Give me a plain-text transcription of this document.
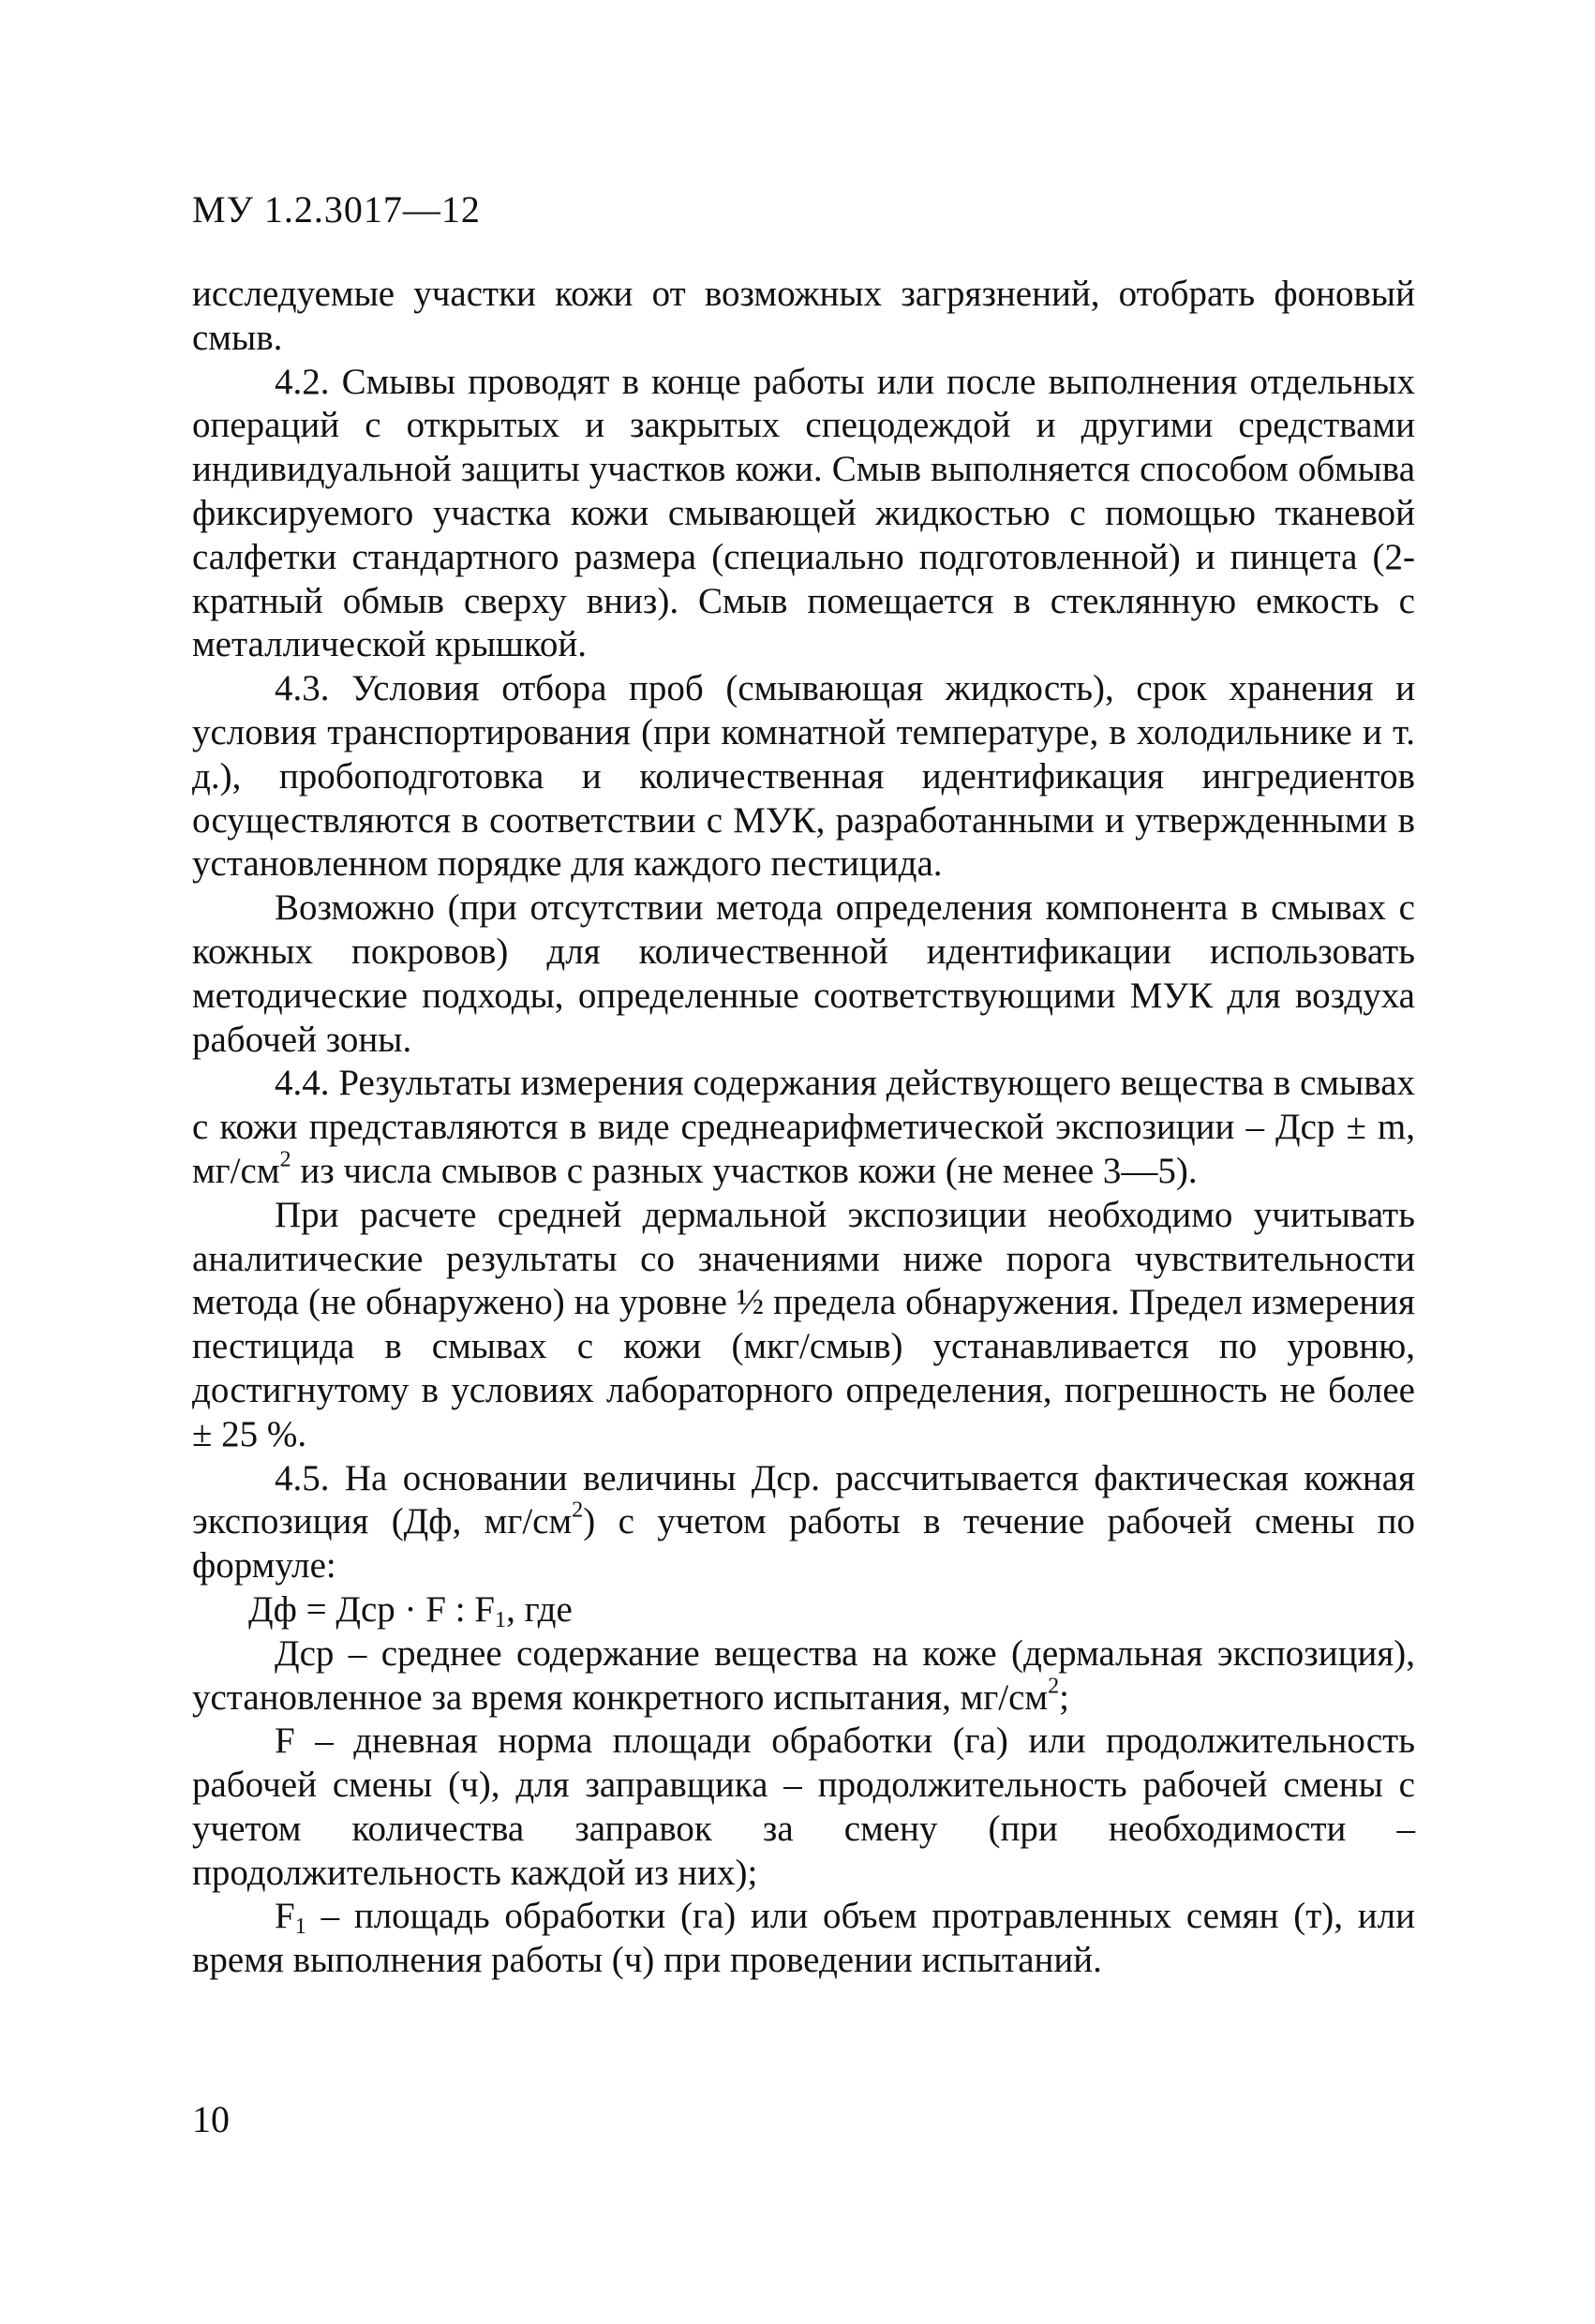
МУ 1.2.3017—12

исследуемые участки кожи от возможных загрязнений, отобрать фоновый смыв.

4.2. Смывы проводят в конце работы или после выполнения отдельных операций с открытых и закрытых спецодеждой и другими средствами индивидуальной защиты участков кожи. Смыв выполняется способом обмыва фиксируемого участка кожи смывающей жидкостью с помощью тканевой салфетки стандартного размера (специально подготовленной) и пинцета (2-кратный обмыв сверху вниз). Смыв помещается в стеклянную емкость с металлической крышкой.

4.3. Условия отбора проб (смывающая жидкость), срок хранения и условия транспортирования (при комнатной температуре, в холодильнике и т. д.), пробоподготовка и количественная идентификация ингредиентов осуществляются в соответствии с МУК, разработанными и утвержденными в установленном порядке для каждого пестицида.

Возможно (при отсутствии метода определения компонента в смывах с кожных покровов) для количественной идентификации использовать методические подходы, определенные соответствующими МУК для воздуха рабочей зоны.

4.4. Результаты измерения содержания действующего вещества в смывах с кожи представляются в виде среднеарифметической экспозиции – Дср ± m, $мг/см^2$ из числа смывов с разных участков кожи (не менее 3—5).

При расчете средней дермальной экспозиции необходимо учитывать аналитические результаты со значениями ниже порога чувствительности метода (не обнаружено) на уровне ½ предела обнаружения. Предел измерения пестицида в смывах с кожи (мкг/смыв) устанавливается по уровню, достигнутому в условиях лабораторного определения, погрешность не более ± 25 %.

4.5. На основании величины Дср. рассчитывается фактическая кожная экспозиция (Дф, $мг/см^2$) с учетом работы в течение рабочей смены по формуле:

Дф = Дср · F : $F_1$, где

Дср – среднее содержание вещества на коже (дермальная экспозиция), установленное за время конкретного испытания, $мг/см^2$;

F – дневная норма площади обработки (га) или продолжительность рабочей смены (ч), для заправщика – продолжительность рабочей смены с учетом количества заправок за смену (при необходимости – продолжительность каждой из них);

$F_1$ – площадь обработки (га) или объем протравленных семян (т), или время выполнения работы (ч) при проведении испытаний.

10
